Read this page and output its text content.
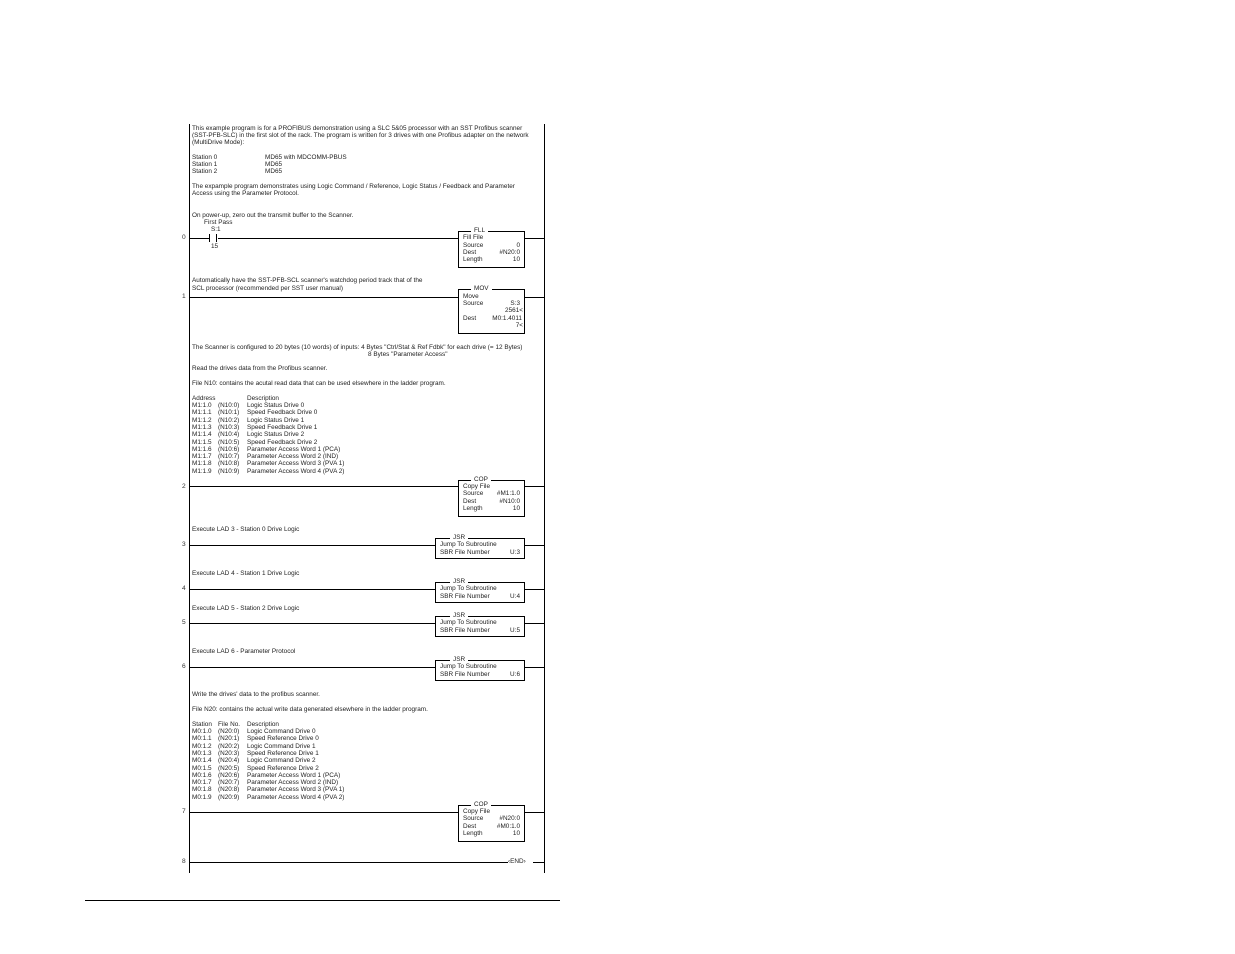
This example program is for a PROFIBUS demonstration using a SLC 5&05 processor with an SST Profibus scanner
(SST-PFB-SLC) in the first slot of the rack. The program is written for 3 drives with one Profibus adapter on the network
(MultiDrive Mode):
Station 0	MD65 with MDCOMM-PBUS
Station 1	MD65
Station 2	MD65
The expample program demonstrates using Logic Command / Reference, Logic Status / Feedback and Parameter
Access using the Parameter Protocol.
On power-up, zero out the transmit buffer to the Scanner.
First Pass
S:1
0
15
FLL
Fill File
Source	0
Dest	#N20:0
Length	10
Automatically have the SST-PFB-SCL scanner's watchdog period track that of the
SCL processor (recommended per SST user manual)
1
MOV
Move
Source	S:3
2561<
Dest	M0:1.4011
7<
The Scanner is configured to 20 bytes (10 words) of inputs: 4 Bytes "Ctrl/Stat & Ref Fdbk" for each drive (= 12 Bytes)
8 Bytes "Parameter Access"
Read the drives data from the Profibus scanner.
File N10: contains the acutal read data that can be used elsewhere in the ladder program.
Address	Description
M1:1.0 (N10:0) Logic Status Drive 0
M1:1.1 (N10:1) Speed Feedback Drive 0
M1:1.2 (N10:2) Logic Status Drive 1
M1:1.3 (N10:3) Speed Feedback Drive 1
M1:1.4 (N10:4) Logic Status Drive 2
M1:1.5 (N10:5) Speed Feedback Drive 2
M1:1.6 (N10:6) Parameter Access Word 1 (PCA)
M1:1.7 (N10:7) Parameter Access Word 2 (IND)
M1:1.8 (N10:8) Parameter Access Word 3 (PVA 1)
M1:1.9 (N10:9) Parameter Access Word 4 (PVA 2)
2
COP
Copy File
Source #M1:1.0
Dest	#N10:0
Length	10
Execute LAD 3 - Station 0 Drive Logic
3
JSR
Jump To Subroutine
SBR File Number	U:3
Execute LAD 4 - Station 1 Drive Logic
4
JSR
Jump To Subroutine
SBR File Number	U:4
Execute LAD 5 - Station 2 Drive Logic
5
JSR
Jump To Subroutine
SBR File Number	U:5
Execute LAD 6 - Parameter Protocol
6
JSR
Jump To Subroutine
SBR File Number	U:6
Write the drives' data to the profibus scanner.
File N20: contains the actual write data generated elsewhere in the ladder program.
Station File No. Description
M0:1.0 (N20:0) Logic Command Drive 0
M0:1.1 (N20:1) Speed Reference Drive 0
M0:1.2 (N20:2) Logic Command Drive 1
M0:1.3 (N20:3) Speed Reference Drive 1
M0:1.4 (N20:4) Logic Command Drive 2
M0:1.5 (N20:5) Speed Reference Drive 2
M0:1.6 (N20:6) Parameter Access Word 1 (PCA)
M0:1.7 (N20:7) Parameter Access Word 2 (IND)
M0:1.8 (N20:8) Parameter Access Word 3 (PVA 1)
M0:1.9 (N20:9) Parameter Access Word 4 (PVA 2)
7
COP
Copy File
Source	#N20:0
Dest	#M0:1.0
Length	10
8	‹END›
